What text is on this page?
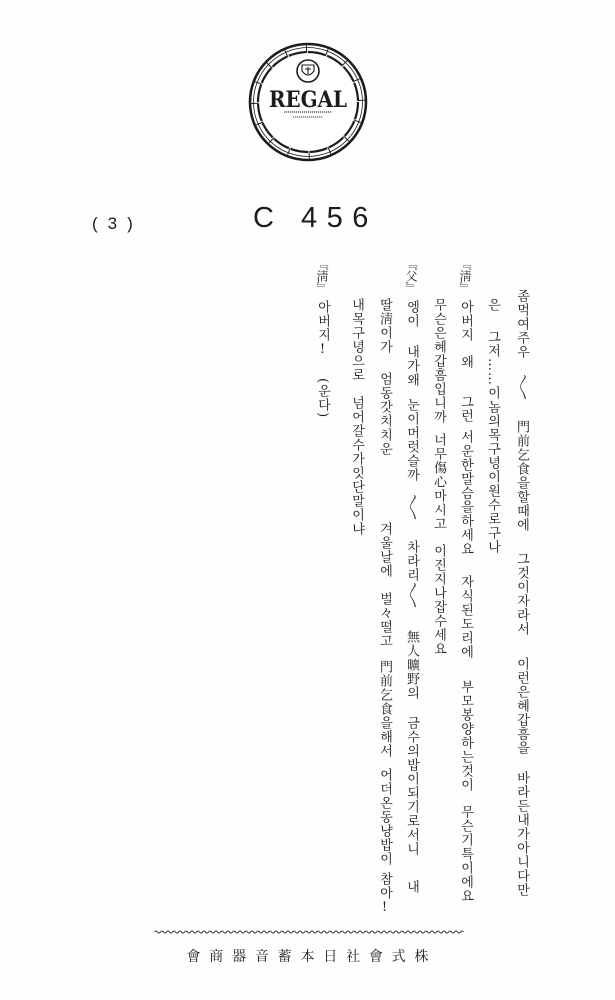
REGAL
(3)	C 456
좀먹여주우
〳〵
門前乞食을할때에
그것이자라서
이런은혜갑흠을
바라든내가아니다만
은
그저……이놈의목구녕이원수로구나
『淸』
아버지
왜
그런
서운한말슴을하세요
자식된도리에
부모봉양하는것이
무슨기특이에요
무슨은혜갑흠입니까
너무傷心마시고
이진지나잡수세요
『父』
엥이
내가왜
눈이머럿슬까
〳〵
차라리〳〵
無人曠野의
금수의밥이되기로서니
내
딸淸이가
엄동갓치치운
겨울날에
벌々떨고
門前乞食을해서
어더온동냥밥이
참아!
내목구녕으로
넘어갈수가잇단말이냐
『淸』
아버지!
(운다)
會商器音蓄本日社會式株
